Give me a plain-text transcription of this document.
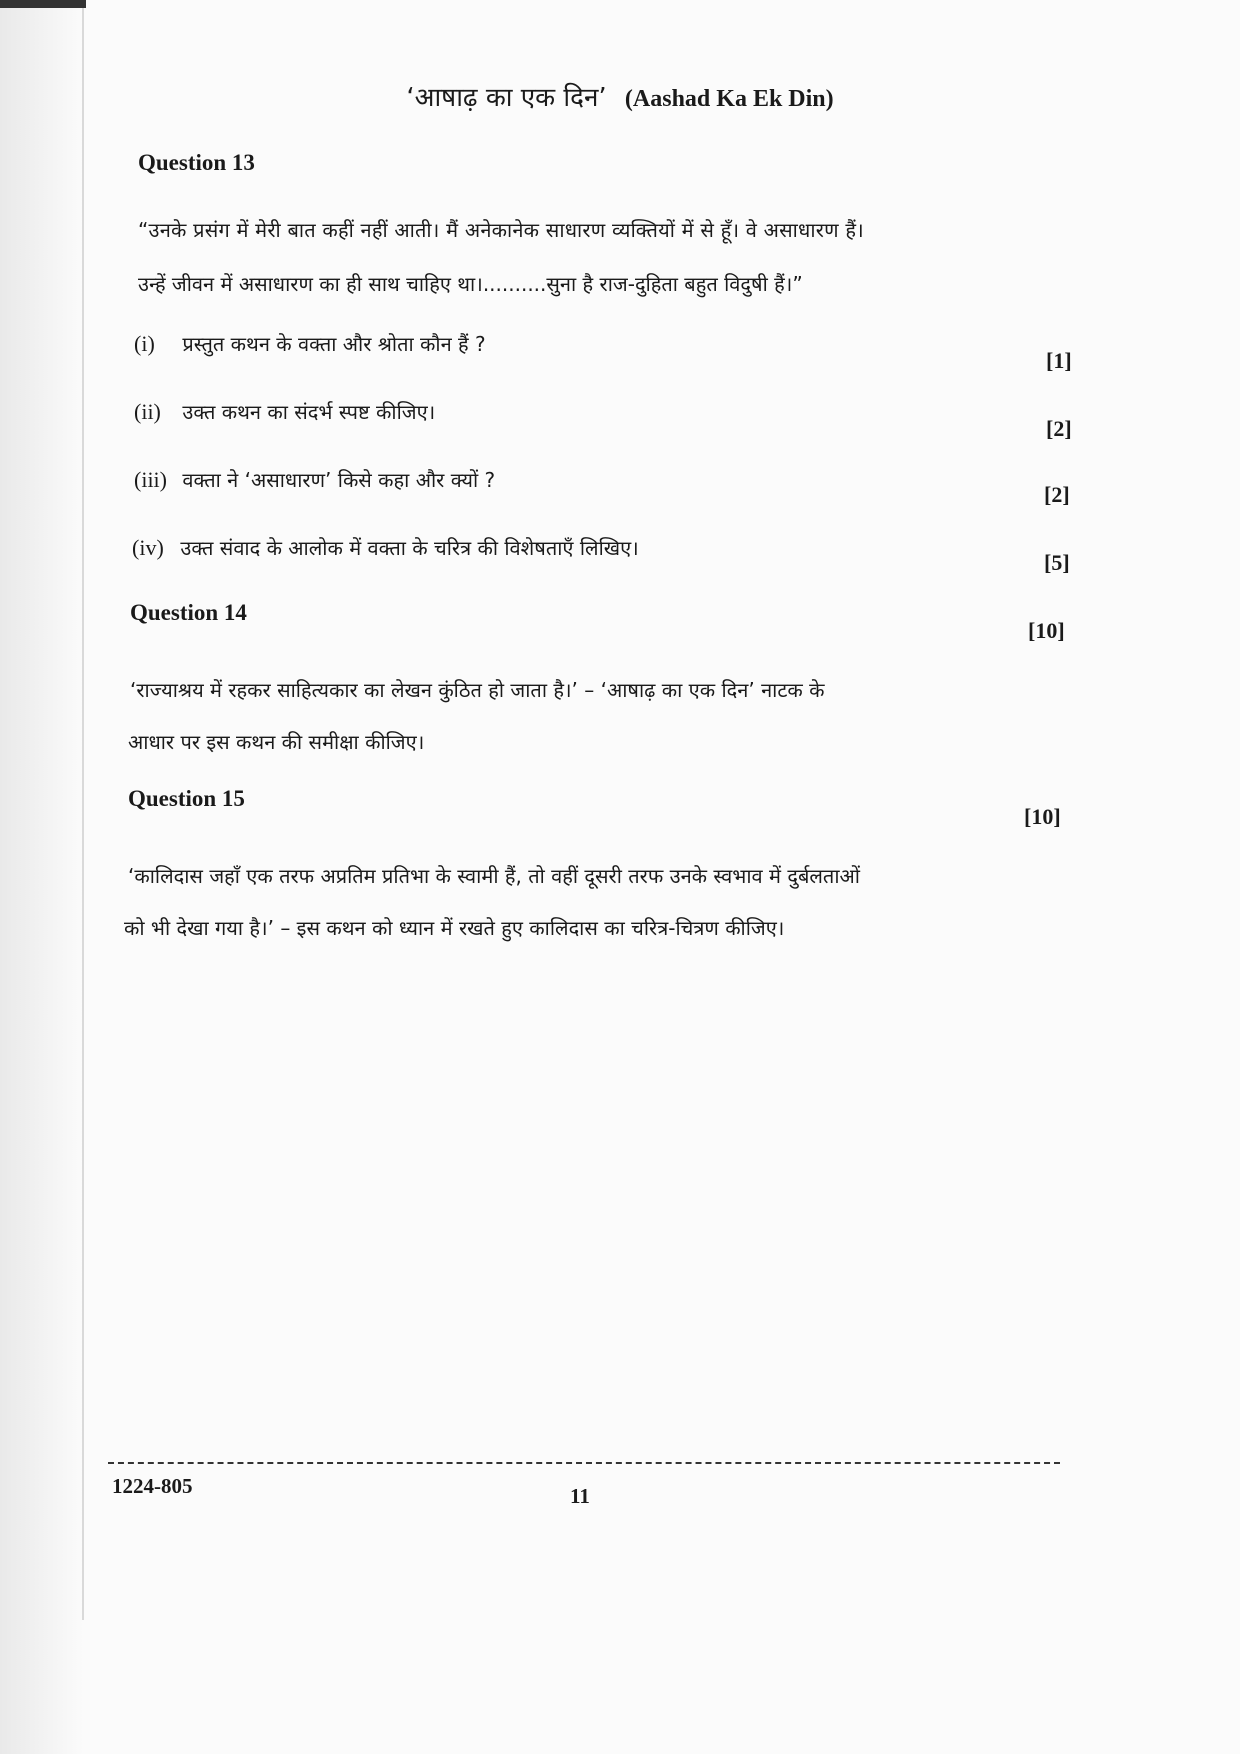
‘आषाढ़ का एक दिन’ (Aashad Ka Ek Din)
Question 13
“उनके प्रसंग में मेरी बात कहीं नहीं आती। मैं अनेकानेक साधारण व्यक्तियों में से हूँ। वे असाधारण हैं।
उन्हें जीवन में असाधारण का ही साथ चाहिए था।..........सुना है राज-दुहिता बहुत विदुषी हैं।”
(i) प्रस्तुत कथन के वक्ता और श्रोता कौन हैं ?
[1]
(ii) उक्त कथन का संदर्भ स्पष्ट कीजिए।
[2]
(iii) वक्ता ने ‘असाधारण’ किसे कहा और क्यों ?
[2]
(iv) उक्त संवाद के आलोक में वक्ता के चरित्र की विशेषताएँ लिखिए।
[5]
Question 14
[10]
‘राज्याश्रय में रहकर साहित्यकार का लेखन कुंठित हो जाता है।’ – ‘आषाढ़ का एक दिन’ नाटक के
आधार पर इस कथन की समीक्षा कीजिए।
Question 15
[10]
‘कालिदास जहाँ एक तरफ अप्रतिम प्रतिभा के स्वामी हैं, तो वहीं दूसरी तरफ उनके स्वभाव में दुर्बलताओं
को भी देखा गया है।’ – इस कथन को ध्यान में रखते हुए कालिदास का चरित्र-चित्रण कीजिए।
1224-805	11
